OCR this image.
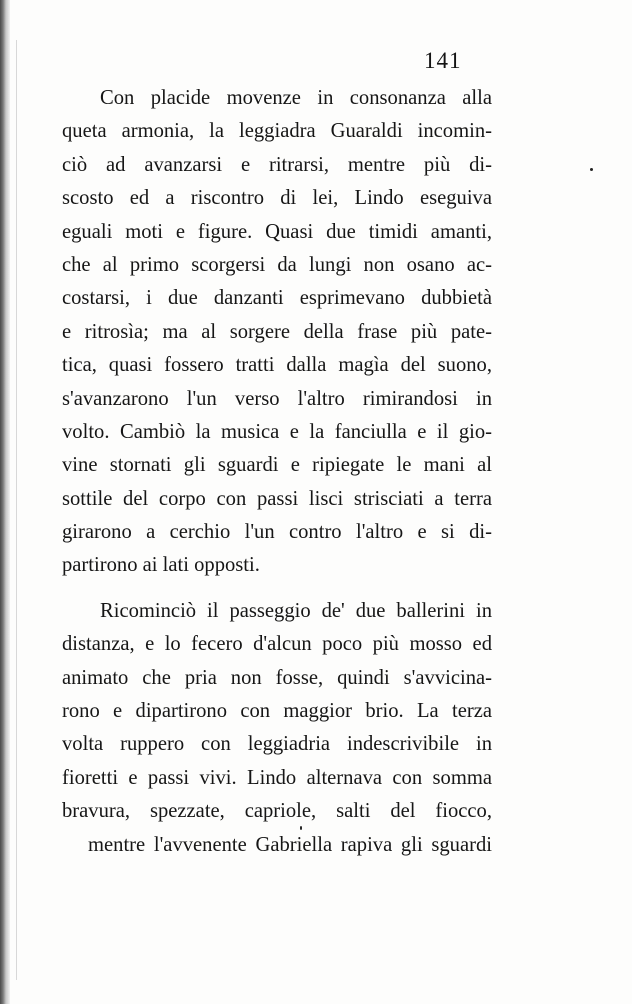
141
Con placide movenze in consonanza alla
queta armonia, la leggiadra Guaraldi incomin-
ciò ad avanzarsi e ritrarsi, mentre più di-
scosto ed a riscontro di lei, Lindo eseguiva
eguali moti e figure. Quasi due timidi amanti,
che al primo scorgersi da lungi non osano ac-
costarsi, i due danzanti esprimevano dubbietà
e ritrosìa; ma al sorgere della frase più pate-
tica, quasi fossero tratti dalla magìa del suono,
s'avanzarono l'un verso l'altro rimirandosi in
volto. Cambiò la musica e la fanciulla e il gio-
vine stornati gli sguardi e ripiegate le mani al
sottile del corpo con passi lisci strisciati a terra
girarono a cerchio l'un contro l'altro e si di-
partirono ai lati opposti.
Ricominciò il passeggio de' due ballerini in
distanza, e lo fecero d'alcun poco più mosso ed
animato che pria non fosse, quindi s'avvicina-
rono e dipartirono con maggior brio. La terza
volta ruppero con leggiadria indescrivibile in
fioretti e passi vivi. Lindo alternava con somma
bravura, spezzate, capriole, salti del fiocco,
mentre l'avvenente Gabriella rapiva gli sguardi
